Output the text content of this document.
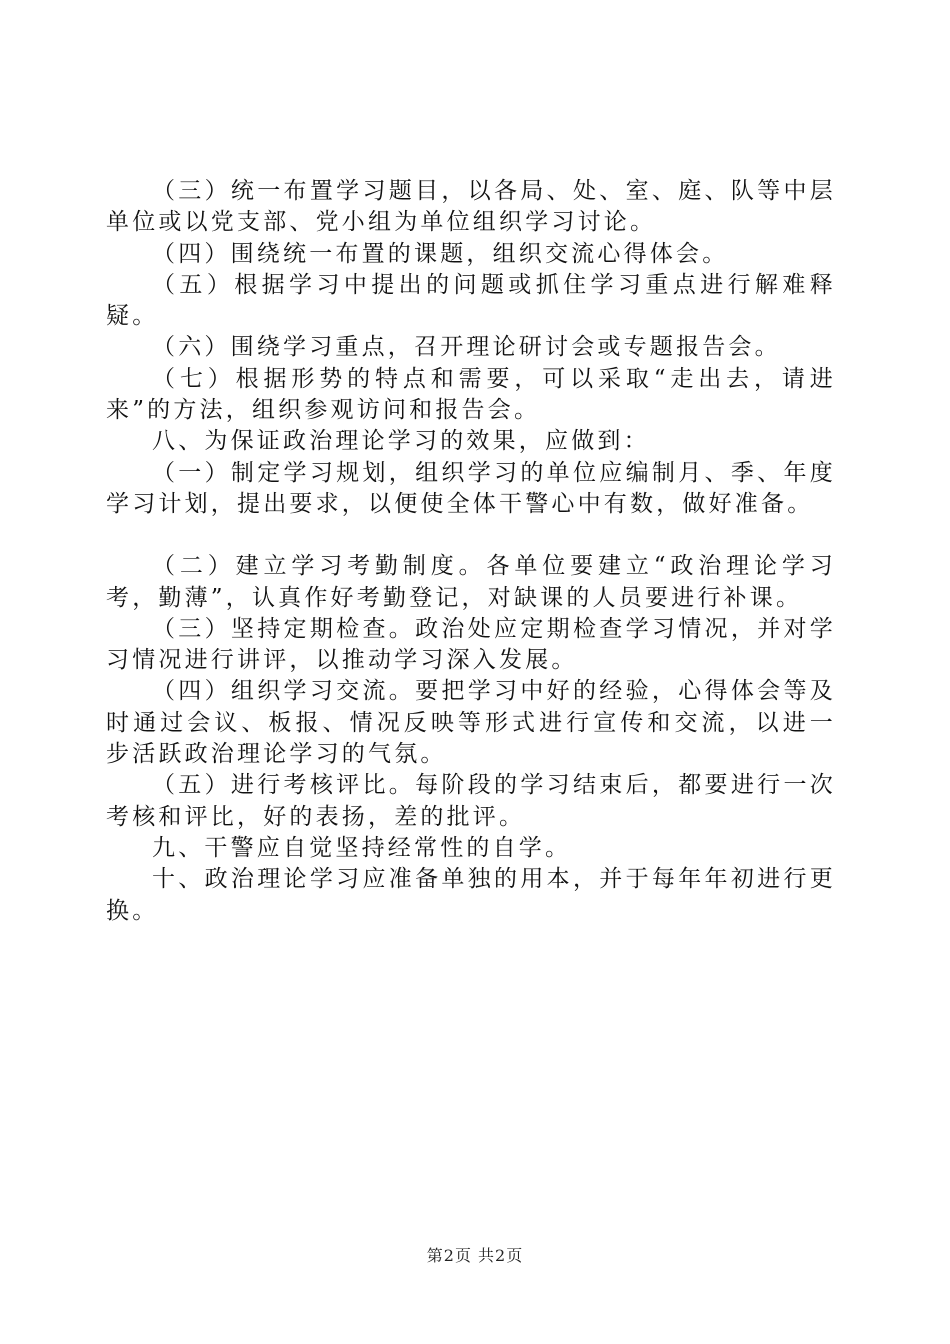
（三）统一布置学习题目，以各局、处、室、庭、队等中层单位或以党支部、党小组为单位组织学习讨论。

（四）围绕统一布置的课题，组织交流心得体会。

（五）根据学习中提出的问题或抓住学习重点进行解难释疑。

（六）围绕学习重点，召开理论研讨会或专题报告会。

（七）根据形势的特点和需要，可以采取“走出去，请进来”的方法，组织参观访问和报告会。

八、为保证政治理论学习的效果，应做到：

（一）制定学习规划，组织学习的单位应编制月、季、年度学习计划，提出要求，以便使全体干警心中有数，做好准备。

（二）建立学习考勤制度。各单位要建立“政治理论学习考，勤薄”，认真作好考勤登记，对缺课的人员要进行补课。

（三）坚持定期检查。政治处应定期检查学习情况，并对学习情况进行讲评，以推动学习深入发展。

（四）组织学习交流。要把学习中好的经验，心得体会等及时通过会议、板报、情况反映等形式进行宣传和交流，以进一步活跃政治理论学习的气氛。

（五）进行考核评比。每阶段的学习结束后，都要进行一次考核和评比，好的表扬，差的批评。

九、干警应自觉坚持经常性的自学。

十、政治理论学习应准备单独的用本，并于每年年初进行更换。

第2页 共2页
